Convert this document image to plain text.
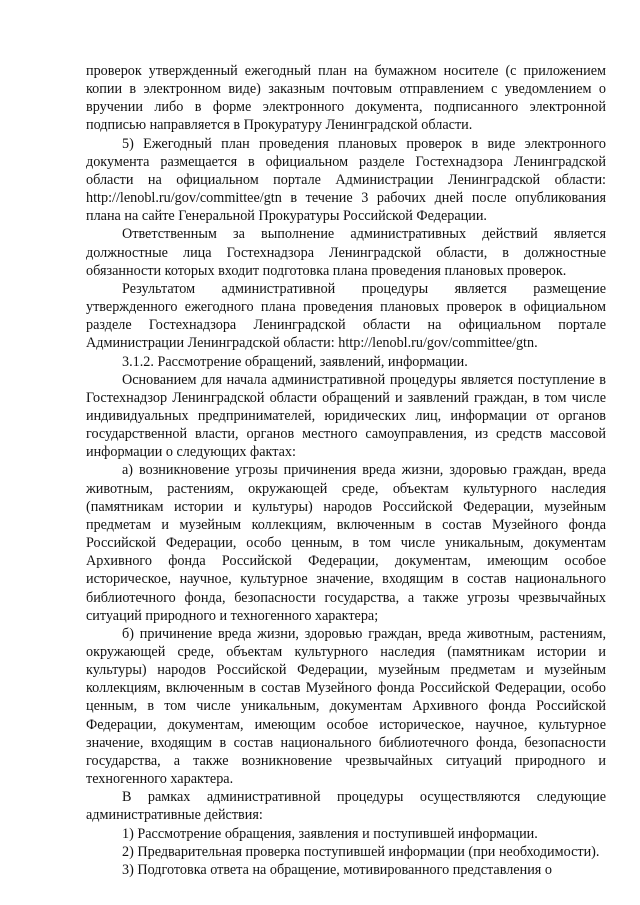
проверок утвержденный ежегодный план на бумажном носителе (с приложением копии в электронном виде) заказным почтовым отправлением с уведомлением о вручении либо в форме электронного документа, подписанного электронной подписью направляется в Прокуратуру Ленинградской области.

5) Ежегодный план проведения плановых проверок в виде электронного документа размещается в официальном разделе Гостехнадзора Ленинградской области на официальном портале Администрации Ленинградской области: http://lenobl.ru/gov/committee/gtn в течение 3 рабочих дней после опубликования плана на сайте Генеральной Прокуратуры Российской Федерации.

Ответственным за выполнение административных действий является должностные лица Гостехнадзора Ленинградской области, в должностные обязанности которых входит подготовка плана проведения плановых проверок.

Результатом административной процедуры является размещение утвержденного ежегодного плана проведения плановых проверок в официальном разделе Гостехнадзора Ленинградской области на официальном портале Администрации Ленинградской области: http://lenobl.ru/gov/committee/gtn.

3.1.2. Рассмотрение обращений, заявлений, информации.

Основанием для начала административной процедуры является поступление в Гостехнадзор Ленинградской области обращений и заявлений граждан, в том числе индивидуальных предпринимателей, юридических лиц, информации от органов государственной власти, органов местного самоуправления, из средств массовой информации о следующих фактах:

а) возникновение угрозы причинения вреда жизни, здоровью граждан, вреда животным, растениям, окружающей среде, объектам культурного наследия (памятникам истории и культуры) народов Российской Федерации, музейным предметам и музейным коллекциям, включенным в состав Музейного фонда Российской Федерации, особо ценным, в том числе уникальным, документам Архивного фонда Российской Федерации, документам, имеющим особое историческое, научное, культурное значение, входящим в состав национального библиотечного фонда, безопасности государства, а также угрозы чрезвычайных ситуаций природного и техногенного характера;

б) причинение вреда жизни, здоровью граждан, вреда животным, растениям, окружающей среде, объектам культурного наследия (памятникам истории и культуры) народов Российской Федерации, музейным предметам и музейным коллекциям, включенным в состав Музейного фонда Российской Федерации, особо ценным, в том числе уникальным, документам Архивного фонда Российской Федерации, документам, имеющим особое историческое, научное, культурное значение, входящим в состав национального библиотечного фонда, безопасности государства, а также возникновение чрезвычайных ситуаций природного и техногенного характера.

В рамках административной процедуры осуществляются следующие административные действия:

1) Рассмотрение обращения, заявления и поступившей информации.

2) Предварительная проверка поступившей информации (при необходимости).

3) Подготовка ответа на обращение, мотивированного представления о
